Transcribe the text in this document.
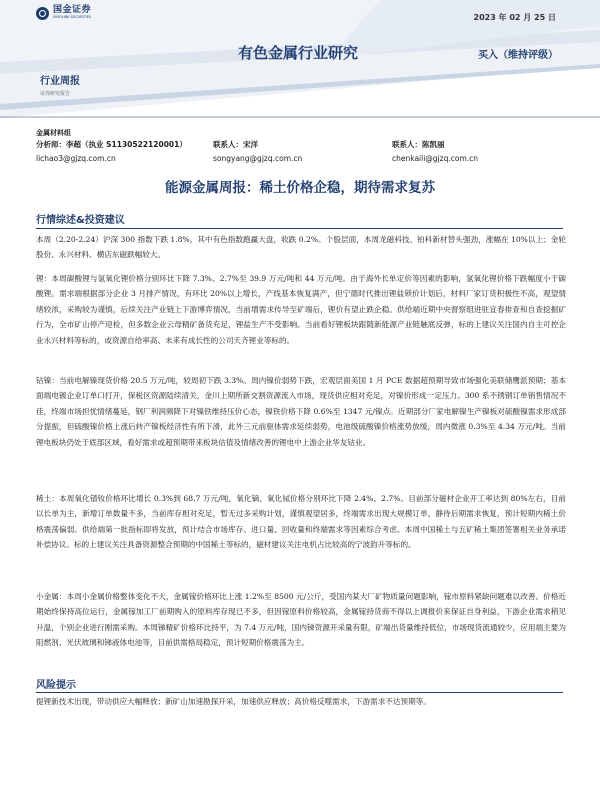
国金证券
SINOLINK SECURITIES	2023 年 02 月 25 日
有色金属行业研究	买入（维持评级）
行业周报
证券研究报告
金属材料组
分析师：李超（执业 S1130522120001）
lichao3@gjzq.com.cn
联系人：宋洋
songyang@gjzq.com.cn
联系人：陈凯丽
chenkaili@gjzq.com.cn
能源金属周报：稀土价格企稳，期待需求复苏
行情综述&投资建议

本周（2.20-2.24）沪深 300 指数下跌 1.8%，其中有色指数跑赢大盘，收跌 0.2%。个股层面，本周龙磁科技、铂科新材替头强劲，涨幅在 10%以上；金轮股份、永兴材料、横店东磁跌幅较大。

锂：本周碳酸锂与氢氧化锂价格分别环比下降 7.3%、2.7%至 39.9 万元/吨和 44 万元/吨。由于海外长单定价等因素的影响，氢氧化锂价格下跌幅度小于碳酸锂。需求端根据部分企业 3 月排产情况，有环比 20%以上增长，产线基本恢复满产，但宁德时代推出锂盐锁价计划后，材料厂家订货积极性不高，观望情绪较浓，采购较为谨慎，后续关注产业链上下游博弈情况，当前增需求传导至矿端后，锂价有望止跌企稳。供给端近期中央督察组进驻宜春排查和自查挖掘矿行为，全市矿山停产迎检，但多数企业云母精矿备货充足，锂盐生产不受影响。当前看好锂板块跟随新能源产业链触底反弹，标的上建议关注国内自主可控企业永兴材料等标的，或资源自给率高、未来有成长性的公司天齐锂业等标的。

钴镍：当前电解镍现货价格 20.5 万元/吨，较周初下跌 3.3%。周内镍价弱势下跌，宏观层面美国 1 月 PCE 数据超预期导致市场强化美联储鹰派预期；基本面端电镀企业订单口打开，保税区资源陆续清关，金川上期所新交割资源流入市场，现货供应相对充足，对镍价形成一定压力。300 系不锈钢订单销售情况不佳，终端市场担忧情绪蔓延，钢厂利润频降下对镍铁维持压价心态，镍铁价格下降 0.6%至 1347 元/镍点。近期部分厂家电解镍生产镍板对硫酸镍需求形成部分提振，但硫酸镍价格上涨后转产镍板经济性有所下滑，此外三元前驱体需求延续弱势，电池级硫酸镍价格涨势放缓，周内微涨 0.3%至 4.34 万元/吨。当前锂电板块仍处于底部区域，看好需求或超预期带来板块估值及情绪改善的锂电中上游企业华友钴业。

稀土：本周氧化镨钕价格环比增长 0.3%到 68.7 万元/吨，氧化镝、氧化铽价格分别环比下降 2.4%、2.7%。目前部分磁材企业开工率达到 80%左右，目前以长单为主，新增订单数量不多，当前库存相对充足，暂无过多采购计划，谨慎观望居多，终端需求出现大规模订单，静待后期需求恢复，预计短期内稀土价格震荡偏弱。供给端第一批指标即将发放，预计结合市场库存、进口量、回收量和终端需求等因素综合考虑。本周中国稀土与五矿稀土集团签署相关业务承诺补偿协议。标的上建议关注具备资源整合预期的中国稀土等标的，磁材建议关注电机占比较高的宁波韵升等标的。

小金属：本周小金属价格整体变化不大，金属镓价格环比上涨 1.2%至 8500 元/公斤，受国内某大厂矿物质量问题影响，镓市原料紧缺问题难以改善。价格近期始终保持高位运行，金属镓加工厂前期购入的原料库存现已不多，但因镓原料价格较高，金属镓持货商不得以上调报价来保证自身利益，下游企业需求稍见升温，个别企业进行刚需采购。本周锑精矿价格环比持平，为 7.4 万元/吨，国内锑资源开采量有限，矿端出货量维持低位，市场现货流通较少，应用端主要为阻燃剂、光伏玻璃和锑液体电池等，目前供需格局稳定，预计短期价格震荡为主。

风险提示

提锂新技术出现，带动供应大幅释放；新矿山加速勘探开采，加速供应释放；高价格反噬需求，下游需求不达预期等。
